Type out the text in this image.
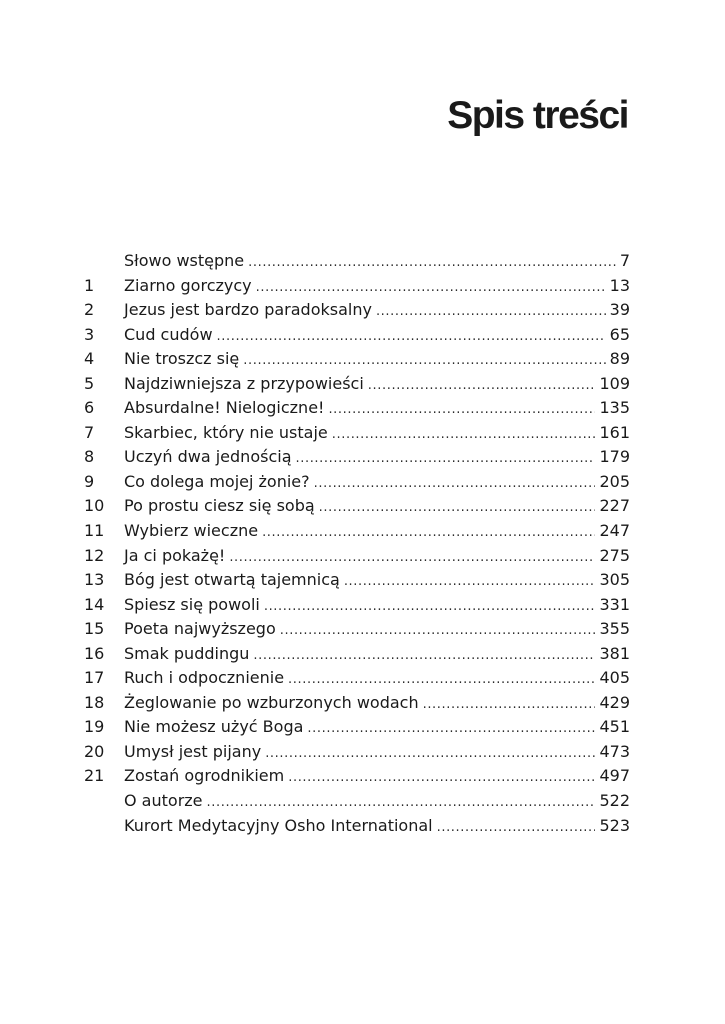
Spis treści
Słowo wstępne .....	7
1	Ziarno gorczycy .....	13
2	Jezus jest bardzo paradoksalny .....	39
3	Cud cudów .....	65
4	Nie troszcz się .....	89
5	Najdziwniejsza z przypowieści .....	109
6	Absurdalne! Nielogiczne! .....	135
7	Skarbiec, który nie ustaje .....	161
8	Uczyń dwa jednością .....	179
9	Co dolega mojej żonie? .....	205
10	Po prostu ciesz się sobą .....	227
11	Wybierz wieczne .....	247
12	Ja ci pokażę! .....	275
13	Bóg jest otwartą tajemnicą .....	305
14	Spiesz się powoli .....	331
15	Poeta najwyższego .....	355
16	Smak puddingu .....	381
17	Ruch i odpocznienie .....	405
18	Żeglowanie po wzburzonych wodach .....	429
19	Nie możesz użyć Boga .....	451
20	Umysł jest pijany .....	473
21	Zostań ogrodnikiem .....	497
O autorze .....	522
Kurort Medytacyjny Osho International .....	523
